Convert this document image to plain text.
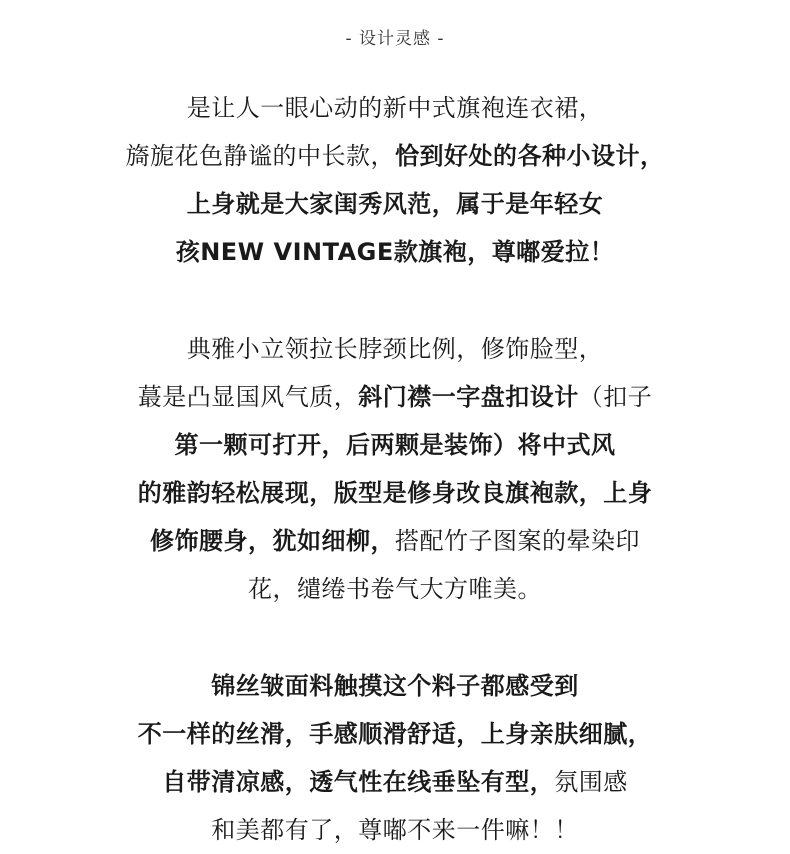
- 设计灵感 -
是让人一眼心动的新中式旗袍连衣裙，
旖旎花色静谧的中长款，恰到好处的各种小设计，
上身就是大家闺秀风范，属于是年轻女
孩NEW VINTAGE款旗袍，尊嘟爱拉！
典雅小立领拉长脖颈比例，修饰脸型，
蕞是凸显国风气质，斜门襟一字盘扣设计（扣子
第一颗可打开，后两颗是装饰）将中式风
的雅韵轻松展现，版型是修身改良旗袍款，上身
修饰腰身，犹如细柳，搭配竹子图案的晕染印
花，缱绻书卷气大方唯美。
锦丝皱面料触摸这个料子都感受到
不一样的丝滑，手感顺滑舒适，上身亲肤细腻，
自带清凉感，透气性在线垂坠有型，氛围感
和美都有了，尊嘟不来一件嘛！！
